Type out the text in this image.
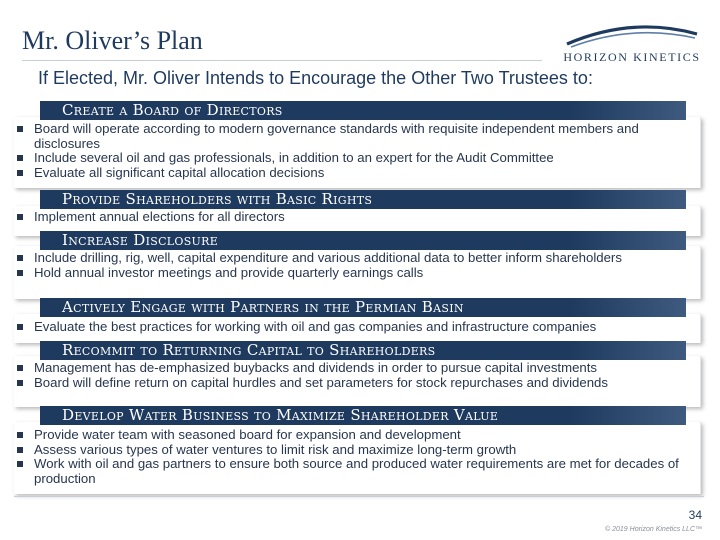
Mr. Oliver’s Plan
HORIZON KINETICS
If Elected, Mr. Oliver Intends to Encourage the Other Two Trustees to:
Board will operate according to modern governance standards with requisite independent members and disclosures
Include several oil and gas professionals, in addition to an expert for the Audit Committee
Evaluate all significant capital allocation decisions
Create a Board of Directors
Implement annual elections for all directors
Provide Shareholders with Basic Rights
Include drilling, rig, well, capital expenditure and various additional data to better inform shareholders
Hold annual investor meetings and provide quarterly earnings calls
Increase Disclosure
Evaluate the best practices for working with oil and gas companies and infrastructure companies
Actively Engage with Partners in the Permian Basin
Management has de-emphasized buybacks and dividends in order to pursue capital investments
Board will define return on capital hurdles and set parameters for stock repurchases and dividends
Recommit to Returning Capital to Shareholders
Provide water team with seasoned board for expansion and development
Assess various types of water ventures to limit risk and maximize long-term growth
Work with oil and gas partners to ensure both source and produced water requirements are met for decades of production
Develop Water Business to Maximize Shareholder Value
34
© 2019 Horizon Kinetics LLC™
